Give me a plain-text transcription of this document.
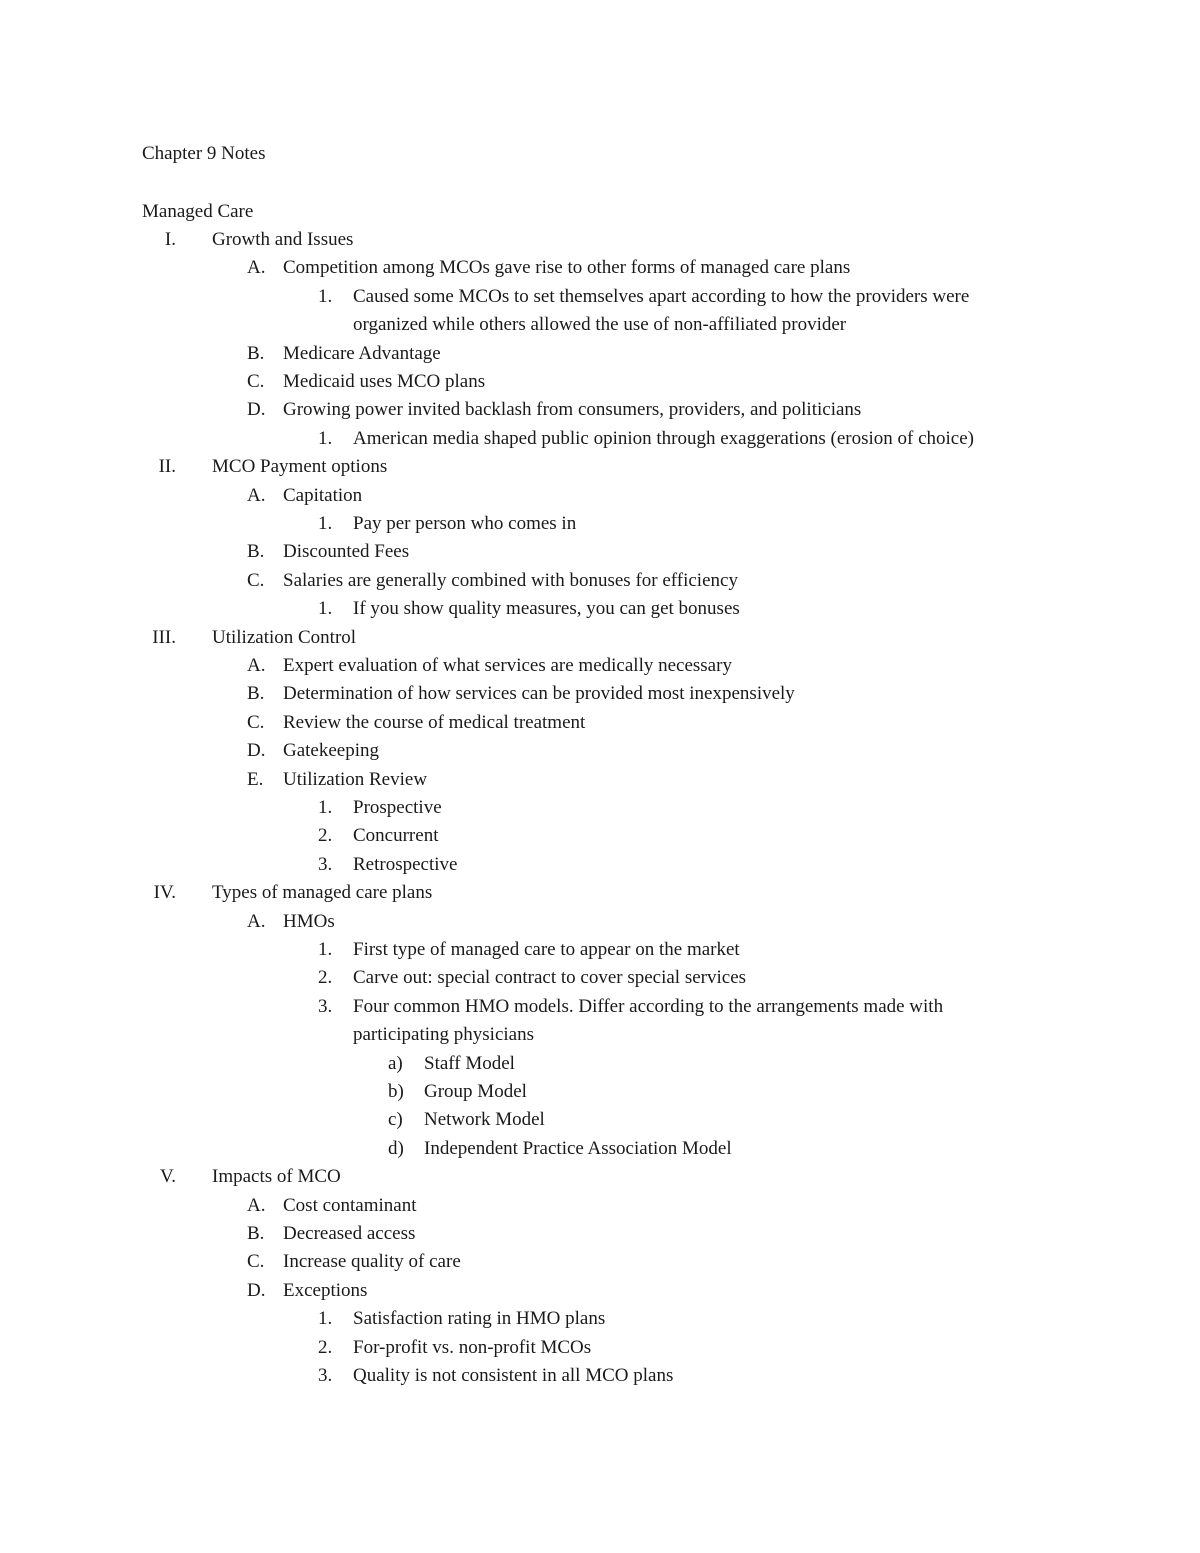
Chapter 9 Notes
Managed Care
I. Growth and Issues
A. Competition among MCOs gave rise to other forms of managed care plans
1. Caused some MCOs to set themselves apart according to how the providers were
organized while others allowed the use of non-affiliated provider
B. Medicare Advantage
C. Medicaid uses MCO plans
D. Growing power invited backlash from consumers, providers, and politicians
1. American media shaped public opinion through exaggerations (erosion of choice)
II. MCO Payment options
A. Capitation
1. Pay per person who comes in
B. Discounted Fees
C. Salaries are generally combined with bonuses for efficiency
1. If you show quality measures, you can get bonuses
III. Utilization Control
A. Expert evaluation of what services are medically necessary
B. Determination of how services can be provided most inexpensively
C. Review the course of medical treatment
D. Gatekeeping
E. Utilization Review
1. Prospective
2. Concurrent
3. Retrospective
IV. Types of managed care plans
A. HMOs
1. First type of managed care to appear on the market
2. Carve out: special contract to cover special services
3. Four common HMO models. Differ according to the arrangements made with
participating physicians
a) Staff Model
b) Group Model
c) Network Model
d) Independent Practice Association Model
V. Impacts of MCO
A. Cost contaminant
B. Decreased access
C. Increase quality of care
D. Exceptions
1. Satisfaction rating in HMO plans
2. For-profit vs. non-profit MCOs
3. Quality is not consistent in all MCO plans
